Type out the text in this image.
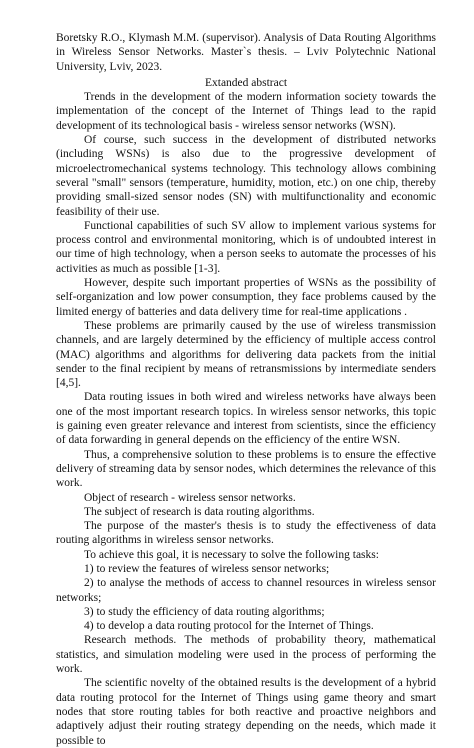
Boretsky R.O., Klymash M.M. (supervisor). Analysis of Data Routing Algorithms in Wireless Sensor Networks. Master`s thesis. – Lviv Polytechnic National University, Lviv, 2023.

Extanded abstract

Trends in the development of the modern information society towards the implementation of the concept of the Internet of Things lead to the rapid development of its technological basis - wireless sensor networks (WSN).

Of course, such success in the development of distributed networks (including WSNs) is also due to the progressive development of microelectromechanical systems technology. This technology allows combining several "small" sensors (temperature, humidity, motion, etc.) on one chip, thereby providing small-sized sensor nodes (SN) with multifunctionality and economic feasibility of their use.

Functional capabilities of such SV allow to implement various systems for process control and environmental monitoring, which is of undoubted interest in our time of high technology, when a person seeks to automate the processes of his activities as much as possible [1-3].

However, despite such important properties of WSNs as the possibility of self-organization and low power consumption, they face problems caused by the limited energy of batteries and data delivery time for real-time applications .

These problems are primarily caused by the use of wireless transmission channels, and are largely determined by the efficiency of multiple access control (MAC) algorithms and algorithms for delivering data packets from the initial sender to the final recipient by means of retransmissions by intermediate senders [4,5].

Data routing issues in both wired and wireless networks have always been one of the most important research topics. In wireless sensor networks, this topic is gaining even greater relevance and interest from scientists, since the efficiency of data forwarding in general depends on the efficiency of the entire WSN.

Thus, a comprehensive solution to these problems is to ensure the effective delivery of streaming data by sensor nodes, which determines the relevance of this work.

Object of research - wireless sensor networks.

The subject of research is data routing algorithms.

The purpose of the master's thesis is to study the effectiveness of data routing algorithms in wireless sensor networks.

To achieve this goal, it is necessary to solve the following tasks:

1) to review the features of wireless sensor networks;

2) to analyse the methods of access to channel resources in wireless sensor networks;

3) to study the efficiency of data routing algorithms;

4) to develop a data routing protocol for the Internet of Things.

Research methods. The methods of probability theory, mathematical statistics, and simulation modeling were used in the process of performing the work.

The scientific novelty of the obtained results is the development of a hybrid data routing protocol for the Internet of Things using game theory and smart nodes that store routing tables for both reactive and proactive neighbors and adaptively adjust their routing strategy depending on the needs, which made it possible to
